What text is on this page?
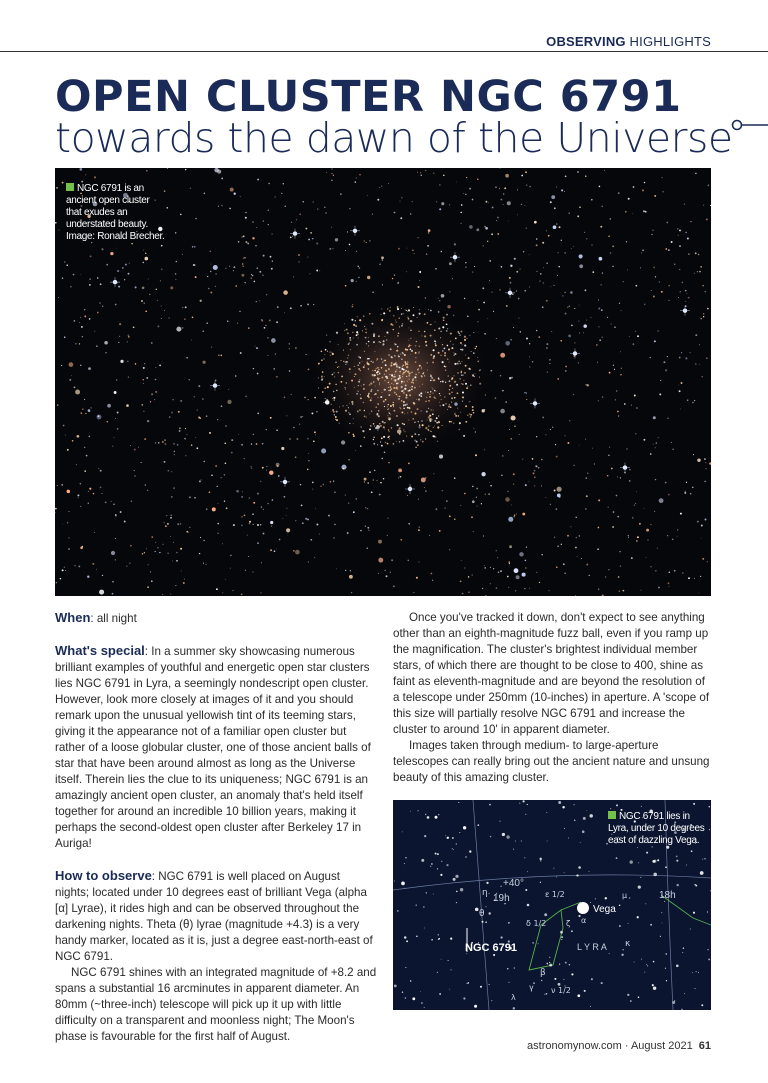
OBSERVING HIGHLIGHTS
OPEN CLUSTER NGC 6791
towards the dawn of the Universe
NGC 6791 is an ancient open cluster that exudes an understated beauty. Image: Ronald Brecher.

When: all night

What's special: In a summer sky showcasing numerous brilliant examples of youthful and energetic open star clusters lies NGC 6791 in Lyra, a seemingly nondescript open cluster. However, look more closely at images of it and you should remark upon the unusual yellowish tint of its teeming stars, giving it the appearance not of a familiar open cluster but rather of a loose globular cluster, one of those ancient balls of star that have been around almost as long as the Universe itself. Therein lies the clue to its uniqueness; NGC 6791 is an amazingly ancient open cluster, an anomaly that's held itself together for around an incredible 10 billion years, making it perhaps the second-oldest open cluster after Berkeley 17 in Auriga!

How to observe: NGC 6791 is well placed on August nights; located under 10 degrees east of brilliant Vega (alpha [α] Lyrae), it rides high and can be observed throughout the darkening nights. Theta (θ) lyrae (magnitude +4.3) is a very handy marker, located as it is, just a degree east-north-east of NGC 6791.

NGC 6791 shines with an integrated magnitude of +8.2 and spans a substantial 16 arcminutes in apparent diameter. An 80mm (~three-inch) telescope will pick up it up with little difficulty on a transparent and moonless night; The Moon's phase is favourable for the first half of August.

Once you've tracked it down, don't expect to see anything other than an eighth-magnitude fuzz ball, even if you ramp up the magnification. The cluster's brightest individual member stars, of which there are thought to be close to 400, shine as faint as eleventh-magnitude and are beyond the resolution of a telescope under 250mm (10-inches) in aperture. A 'scope of this size will partially resolve NGC 6791 and increase the cluster to around 10' in apparent diameter.

Images taken through medium- to large-aperture telescopes can really bring out the ancient nature and unsung beauty of this amazing cluster.

NGC 6791
Vega
L Y R A
+40°
19h	18h
θ
η	ε 1/2
δ 1/2 ζ α
β
γ ν 1/2
μ
κ
λ
NGC 6791 lies in Lyra, under 10 degrees east of dazzling Vega.
astronomynow.com · August 2021 61
